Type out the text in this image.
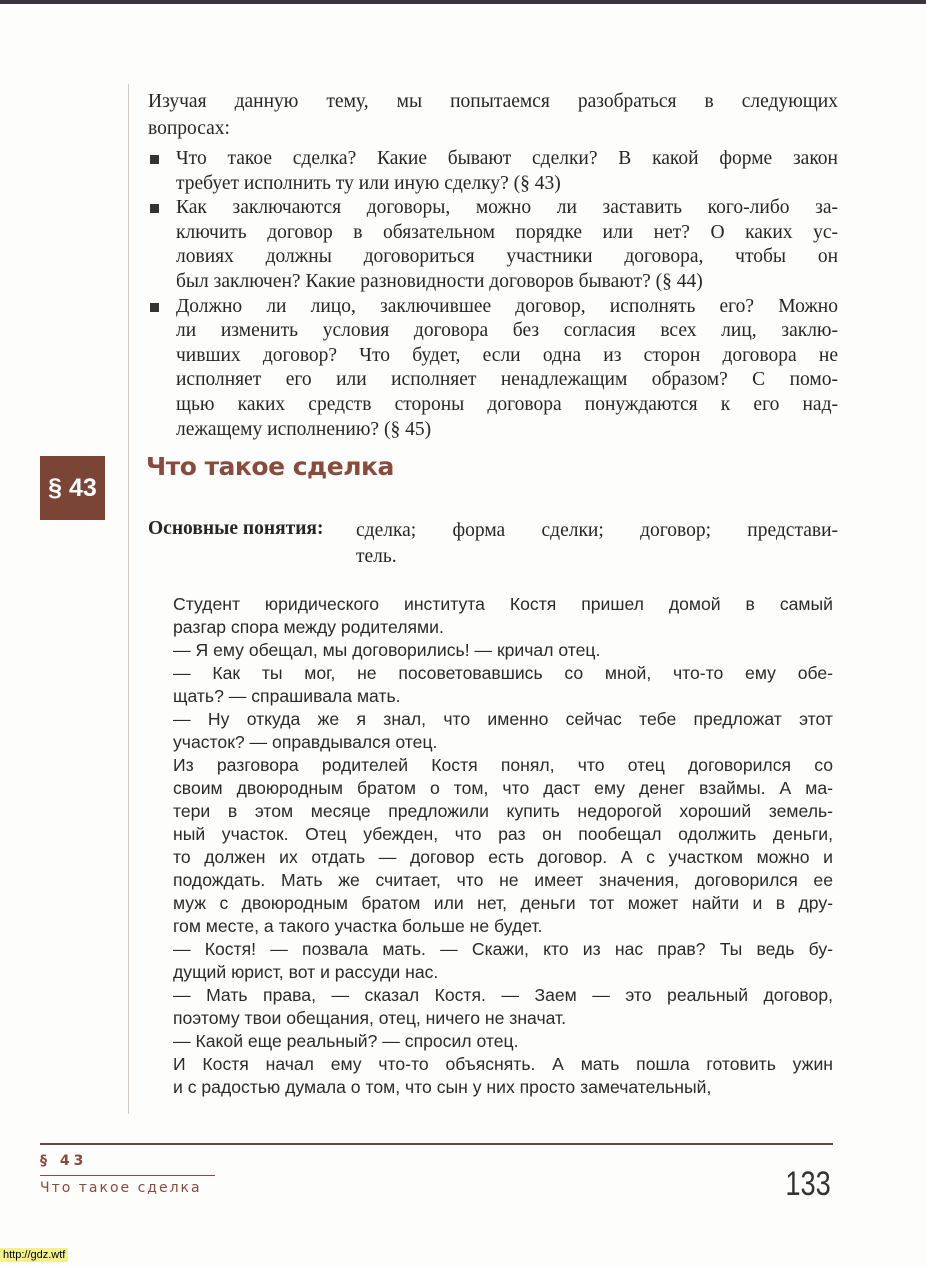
Изучая данную тему, мы попытаемся разобраться в следующих
вопросах:
Что такое сделка? Какие бывают сделки? В какой форме закон
требует исполнить ту или иную сделку? (§ 43)
Как заключаются договоры, можно ли заставить кого-либо за-
ключить договор в обязательном порядке или нет? О каких ус-
ловиях должны договориться участники договора, чтобы он
был заключен? Какие разновидности договоров бывают? (§ 44)
Должно ли лицо, заключившее договор, исполнять его? Можно
ли изменить условия договора без согласия всех лиц, заклю-
чивших договор? Что будет, если одна из сторон договора не
исполняет его или исполняет ненадлежащим образом? С помо-
щью каких средств стороны договора понуждаются к его над-
лежащему исполнению? (§ 45)
§ 43
Что такое сделка
Основные понятия: сделка; форма сделки; договор; представи-
тель.
Студент юридического института Костя пришел домой в самый
разгар спора между родителями.
— Я ему обещал, мы договорились! — кричал отец.
— Как ты мог, не посоветовавшись со мной, что-то ему обе-
щать? — спрашивала мать.
— Ну откуда же я знал, что именно сейчас тебе предложат этот
участок? — оправдывался отец.
Из разговора родителей Костя понял, что отец договорился со
своим двоюродным братом о том, что даст ему денег взаймы. А ма-
тери в этом месяце предложили купить недорогой хороший земель-
ный участок. Отец убежден, что раз он пообещал одолжить деньги,
то должен их отдать — договор есть договор. А с участком можно и
подождать. Мать же считает, что не имеет значения, договорился ее
муж с двоюродным братом или нет, деньги тот может найти и в дру-
гом месте, а такого участка больше не будет.
— Костя! — позвала мать. — Скажи, кто из нас прав? Ты ведь бу-
дущий юрист, вот и рассуди нас.
— Мать права, — сказал Костя. — Заем — это реальный договор,
поэтому твои обещания, отец, ничего не значат.
— Какой еще реальный? — спросил отец.
И Костя начал ему что-то объяснять. А мать пошла готовить ужин
и с радостью думала о том, что сын у них просто замечательный,
§ 43
Что такое сделка	133
http://gdz.wtf
